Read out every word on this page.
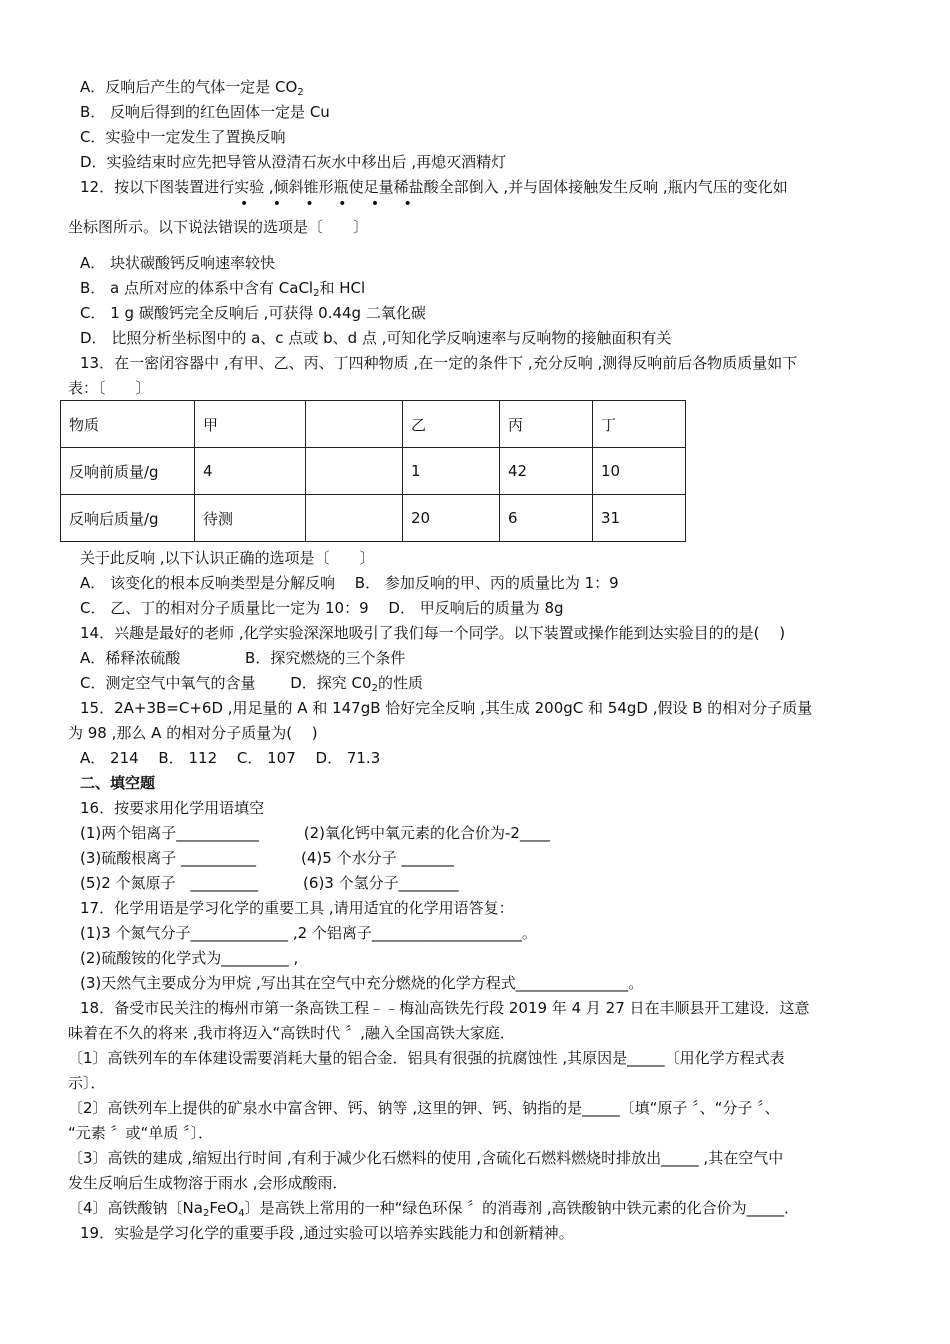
A．反响后产生的气体一定是 $CO_2$
B． 反响后得到的红色固体一定是 Cu
C．实验中一定发生了置换反响
D．实验结束时应先把导管从澄清石灰水中移出后 ,再熄灭酒精灯
12．按以下图装置进行实验 ,倾斜锥形瓶使足量稀盐酸全部倒入 ,并与固体接触发生反响 ,瓶内气压的变化如
• • • • • •
坐标图所示。以下说法错误的选项是〔　　〕
A． 块状碳酸钙反响速率较快
B． a 点所对应的体系中含有 CaCl$_2$和 HCl
C． 1 g 碳酸钙完全反响后 ,可获得 0.44g 二氧化碳
D． 比照分析坐标图中的 a、c 点或 b、d 点 ,可知化学反响速率与反响物的接触面积有关
13．在一密闭容器中 ,有甲、乙、丙、丁四种物质 ,在一定的条件下 ,充分反响 ,测得反响前后各物质质量如下
表：〔　　〕
物质	甲		乙	丙	丁
反响前质量/g	4		1	42	10
反响后质量/g	待测		20	6	31
关于此反响 ,以下认识正确的选项是〔　　〕
A． 该变化的根本反响类型是分解反响　 B． 参加反响的甲、丙的质量比为 1：9
C． 乙、丁的相对分子质量比一定为 10：9　 D． 甲反响后的质量为 8g
14．兴趣是最好的老师 ,化学实验深深地吸引了我们每一个同学。以下装置或操作能到达实验目的的是(　 )
A．稀释浓硫酸　　　　 B．探究燃烧的三个条件
C．测定空气中氧气的含量　　 D．探究 $C0_2$的性质
15．2A+3B=C+6D ,用足量的 A 和 147gB 恰好完全反响 ,其生成 200gC 和 54gD ,假设 B 的相对分子质量
为 98 ,那么 A 的相对分子质量为(　 )
A． 214　 B． 112　 C． 107　 D． 71.3
二、填空题
16．按要求用化学用语填空
(1)两个铝离子___________　　　(2)氧化钙中氧元素的化合价为-2____
(3)硫酸根离子 __________　　　(4)5 个水分子 _______
(5)2 个氮原子　_________　　　(6)3 个氢分子________
17．化学用语是学习化学的重要工具 ,请用适宜的化学用语答复：
(1)3 个氮气分子_____________ ,2 个铝离子____________________。
(2)硫酸铵的化学式为_________ ,
(3)天然气主要成分为甲烷 ,写出其在空气中充分燃烧的化学方程式_______________。
18．备受市民关注的梅州市第一条高铁工程﹣﹣梅汕高铁先行段 2019 年 4 月 27 日在丰顺县开工建设．这意
味着在不久的将来 ,我市将迈入“高铁时代 〞,融入全国高铁大家庭．
〔1〕高铁列车的车体建设需要消耗大量的铝合金．铝具有很强的抗腐蚀性 ,其原因是_____〔用化学方程式表
示〕．
〔2〕高铁列车上提供的矿泉水中富含钾、钙、钠等 ,这里的钾、钙、钠指的是_____〔填“原子 〞、“分子 〞、
“元素 〞或“单质 〞〕．
〔3〕高铁的建成 ,缩短出行时间 ,有利于减少化石燃料的使用 ,含硫化石燃料燃烧时排放出_____ ,其在空气中
发生反响后生成物溶于雨水 ,会形成酸雨．
〔4〕高铁酸钠〔$Na_2FeO_4$〕是高铁上常用的一种“绿色环保 〞的消毒剂 ,高铁酸钠中铁元素的化合价为_____．
19．实验是学习化学的重要手段 ,通过实验可以培养实践能力和创新精神。
